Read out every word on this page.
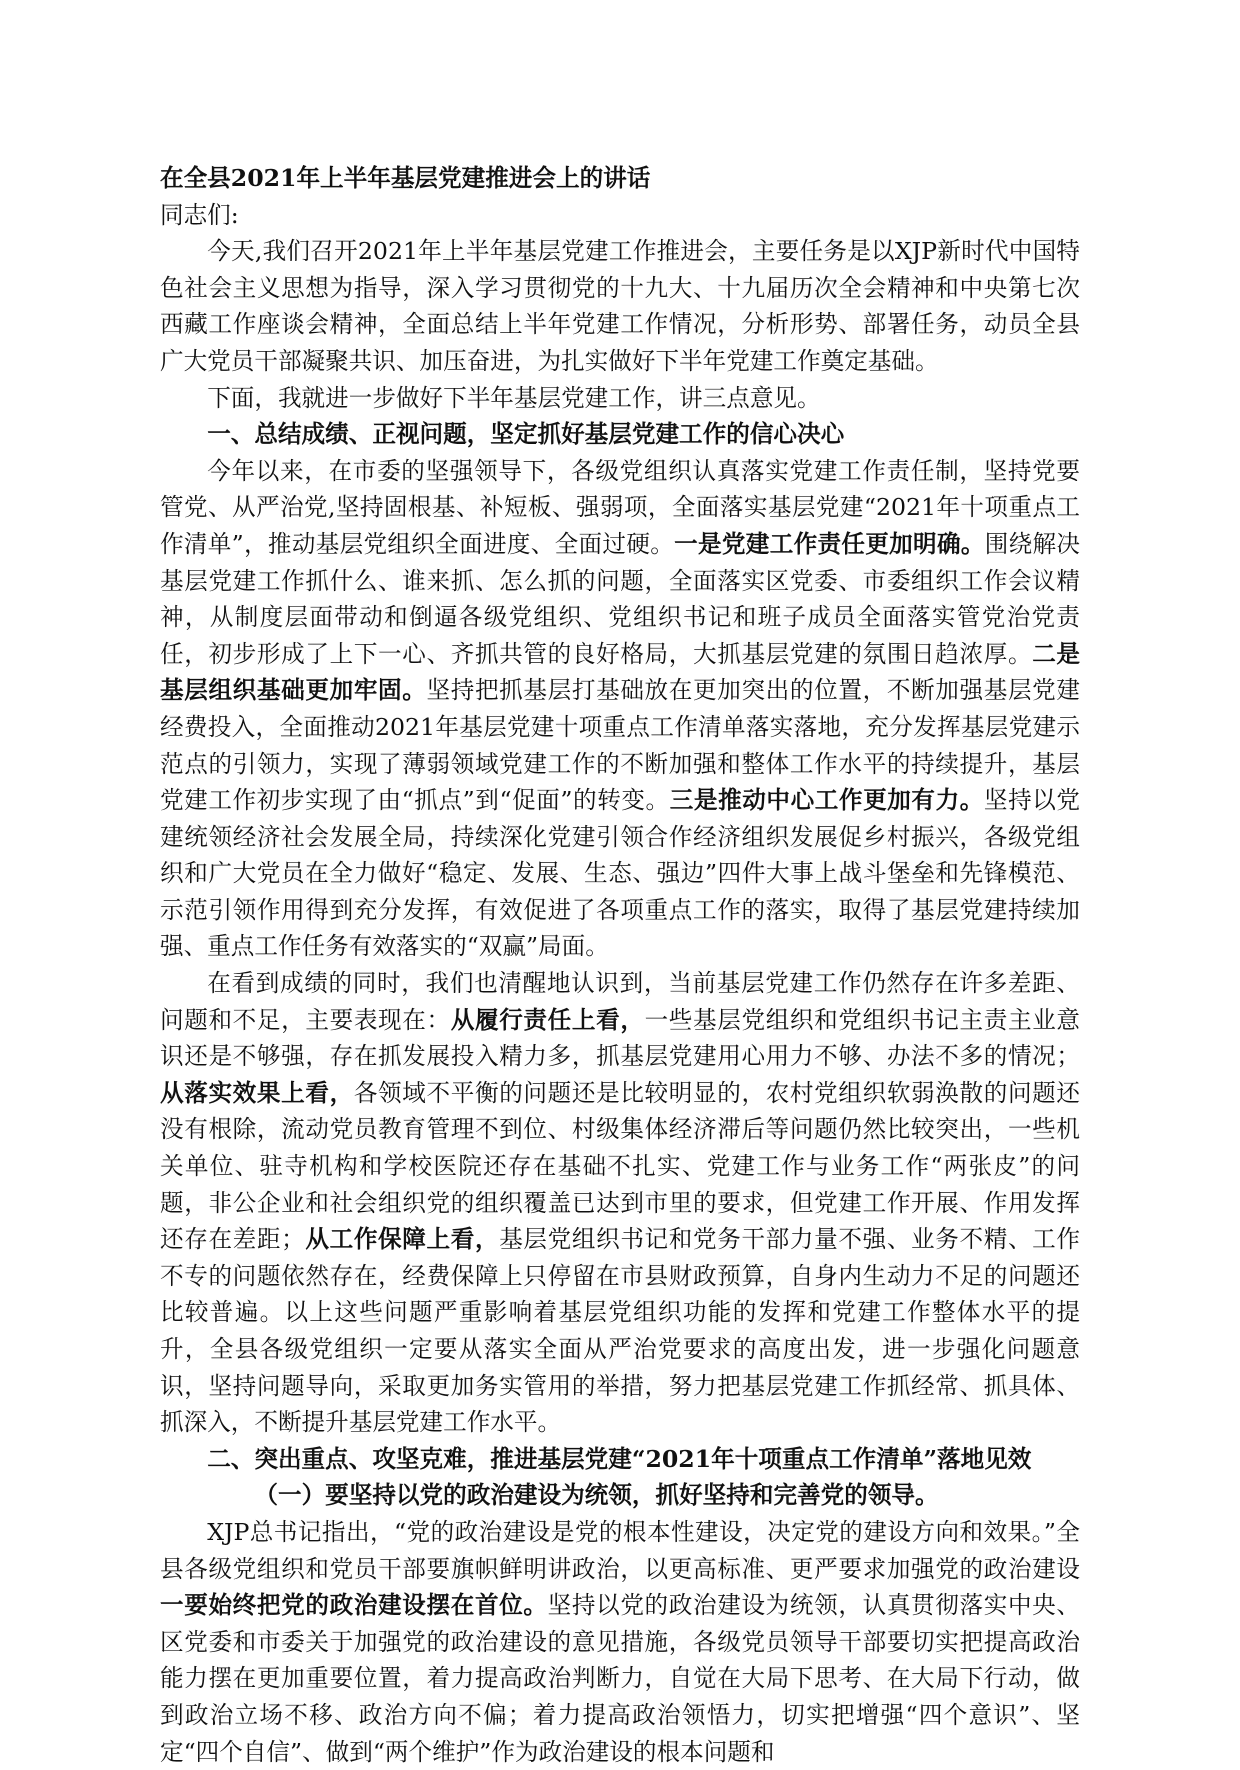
在全县2021年上半年基层党建推进会上的讲话

同志们:

今天,我们召开2021年上半年基层党建工作推进会，主要任务是以XJP新时代中国特色社会主义思想为指导，深入学习贯彻党的十九大、十九届历次全会精神和中央第七次西藏工作座谈会精神，全面总结上半年党建工作情况，分析形势、部署任务，动员全县广大党员干部凝聚共识、加压奋进，为扎实做好下半年党建工作奠定基础。

下面，我就进一步做好下半年基层党建工作，讲三点意见。

一、总结成绩、正视问题，坚定抓好基层党建工作的信心决心

今年以来，在市委的坚强领导下，各级党组织认真落实党建工作责任制，坚持党要管党、从严治党,坚持固根基、补短板、强弱项，全面落实基层党建“2021年十项重点工作清单”，推动基层党组织全面进度、全面过硬。一是党建工作责任更加明确。围绕解决基层党建工作抓什么、谁来抓、怎么抓的问题，全面落实区党委、市委组织工作会议精神，从制度层面带动和倒逼各级党组织、党组织书记和班子成员全面落实管党治党责任，初步形成了上下一心、齐抓共管的良好格局，大抓基层党建的氛围日趋浓厚。二是基层组织基础更加牢固。坚持把抓基层打基础放在更加突出的位置，不断加强基层党建经费投入，全面推动2021年基层党建十项重点工作清单落实落地，充分发挥基层党建示范点的引领力，实现了薄弱领域党建工作的不断加强和整体工作水平的持续提升，基层党建工作初步实现了由“抓点”到“促面”的转变。三是推动中心工作更加有力。坚持以党建统领经济社会发展全局，持续深化党建引领合作经济组织发展促乡村振兴，各级党组织和广大党员在全力做好“稳定、发展、生态、强边”四件大事上战斗堡垒和先锋模范、示范引领作用得到充分发挥，有效促进了各项重点工作的落实，取得了基层党建持续加强、重点工作任务有效落实的“双赢”局面。

在看到成绩的同时，我们也清醒地认识到，当前基层党建工作仍然存在许多差距、问题和不足，主要表现在：从履行责任上看，一些基层党组织和党组织书记主责主业意识还是不够强，存在抓发展投入精力多，抓基层党建用心用力不够、办法不多的情况；从落实效果上看，各领域不平衡的问题还是比较明显的，农村党组织软弱涣散的问题还没有根除，流动党员教育管理不到位、村级集体经济滞后等问题仍然比较突出，一些机关单位、驻寺机构和学校医院还存在基础不扎实、党建工作与业务工作“两张皮”的问题，非公企业和社会组织党的组织覆盖已达到市里的要求，但党建工作开展、作用发挥还存在差距；从工作保障上看，基层党组织书记和党务干部力量不强、业务不精、工作不专的问题依然存在，经费保障上只停留在市县财政预算，自身内生动力不足的问题还比较普遍。以上这些问题严重影响着基层党组织功能的发挥和党建工作整体水平的提升，全县各级党组织一定要从落实全面从严治党要求的高度出发，进一步强化问题意识，坚持问题导向，采取更加务实管用的举措，努力把基层党建工作抓经常、抓具体、抓深入，不断提升基层党建工作水平。

二、突出重点、攻坚克难，推进基层党建“2021年十项重点工作清单”落地见效

（一）要坚持以党的政治建设为统领，抓好坚持和完善党的领导。

XJP总书记指出，“党的政治建设是党的根本性建设，决定党的建设方向和效果。”全县各级党组织和党员干部要旗帜鲜明讲政治，以更高标准、更严要求加强党的政治建设一要始终把党的政治建设摆在首位。坚持以党的政治建设为统领，认真贯彻落实中央、区党委和市委关于加强党的政治建设的意见措施，各级党员领导干部要切实把提高政治能力摆在更加重要位置，着力提高政治判断力，自觉在大局下思考、在大局下行动，做到政治立场不移、政治方向不偏；着力提高政治领悟力，切实把增强“四个意识”、坚定“四个自信”、做到“两个维护”作为政治建设的根本问题和
